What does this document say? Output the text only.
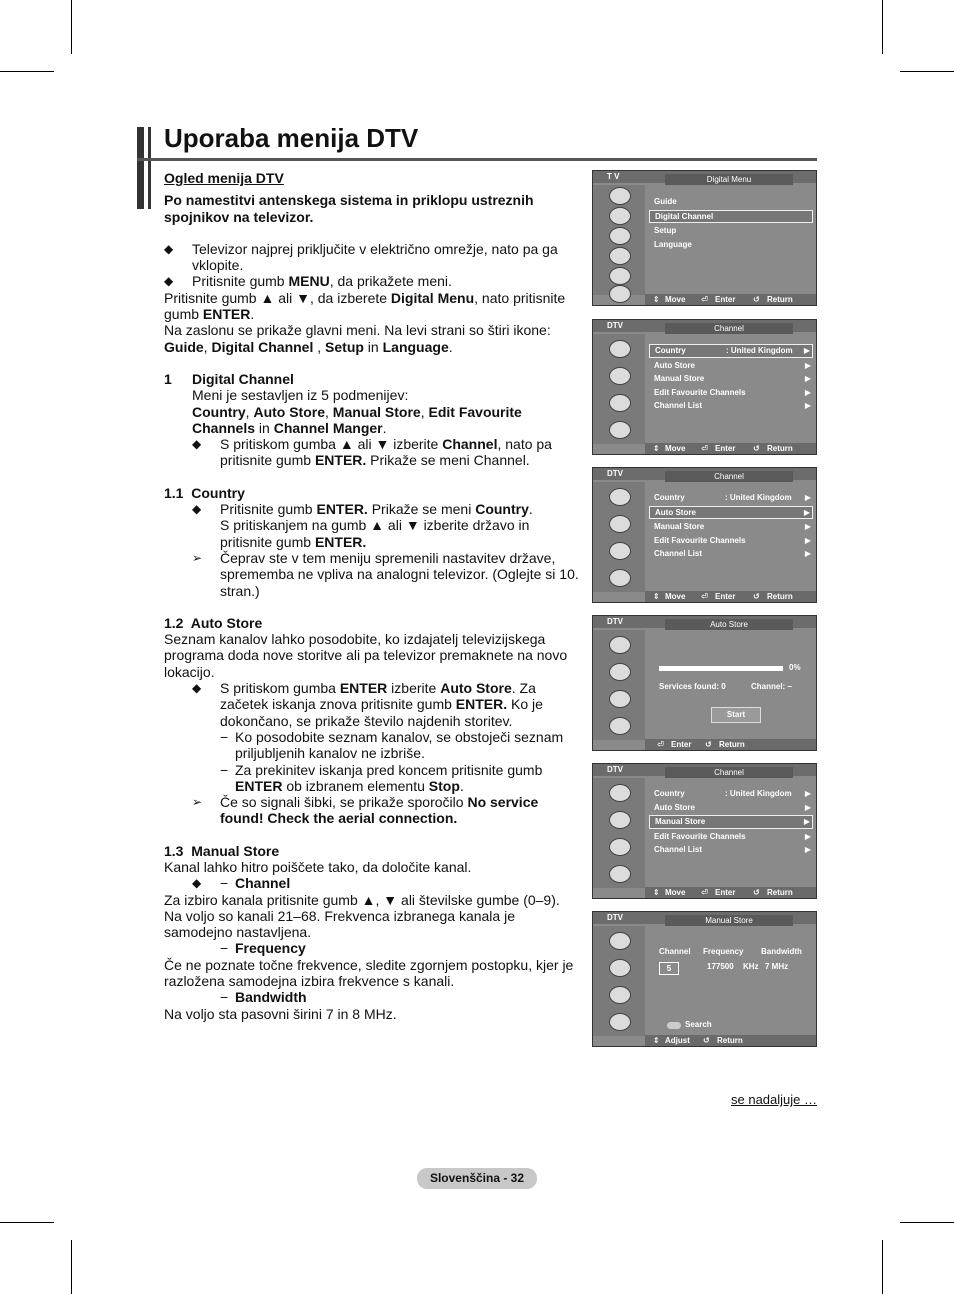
Uporaba menija DTV

Ogled menija DTV

Po namestitvi antenskega sistema in priklopu ustreznih spojnikov na televizor.

◆	Televizor najprej priključite v električno omrežje, nato pa ga vklopite.
◆	Pritisnite gumb MENU, da prikažete meni.

Pritisnite gumb ▲ ali ▼, da izberete Digital Menu, nato pritisnite gumb ENTER.
Na zaslonu se prikaže glavni meni. Na levi strani so štiri ikone: Guide, Digital Channel , Setup in Language.

1	Digital Channel
Meni je sestavljen iz 5 podmenijev:
Country, Auto Store, Manual Store, Edit Favourite Channels in Channel Manger.
◆	S pritiskom gumba ▲ ali ▼ izberite Channel, nato pa pritisnite gumb ENTER. Prikaže se meni Channel.

1.1  Country

◆	Pritisnite gumb ENTER. Prikaže se meni Country.
S pritiskanjem na gumb ▲ ali ▼ izberite državo in pritisnite gumb ENTER.
➢	Čeprav ste v tem meniju spremenili nastavitev države, sprememba ne vpliva na analogni televizor. (Oglejte si 10. stran.)

1.2  Auto Store

Seznam kanalov lahko posodobite, ko izdajatelj televizijskega programa doda nove storitve ali pa televizor premaknete na novo lokacijo.

◆	S pritiskom gumba ENTER izberite Auto Store. Za začetek iskanja znova pritisnite gumb ENTER. Ko je dokončano, se prikaže število najdenih storitev.
− Ko posodobite seznam kanalov, se obstoječi seznam priljubljenih kanalov ne izbriše.
− Za prekinitev iskanja pred koncem pritisnite gumb ENTER ob izbranem elementu Stop.
➢	Če so signali šibki, se prikaže sporočilo No service found! Check the aerial connection.

1.3  Manual Store

Kanal lahko hitro poiščete tako, da določite kanal.

◆	− Channel

Za izbiro kanala pritisnite gumb ▲, ▼ ali številske gumbe (0–9).
Na voljo so kanali 21–68. Frekvenca izbranega kanala je samodejno nastavljena.

− Frequency

Če ne poznate točne frekvence, sledite zgornjem postopku, kjer je razložena samodejna izbira frekvence s kanali.

− Bandwidth

Na voljo sta pasovni širini 7 in 8 MHz.

se nadaljuje …
Slovenščina - 32
T V	Digital Menu
Guide
Digital Channel
Setup
Language
⇕ Move ⏎ Enter ↺ Return
DTV	Channel
Country	: United Kingdom ▶
Auto Store	▶
Manual Store	▶
Edit Favourite Channels	▶
Channel List	▶
⇕ Move ⏎ Enter ↺ Return
DTV	Channel
Country	: United Kingdom ▶
Auto Store	▶
Manual Store	▶
Edit Favourite Channels	▶
Channel List	▶
⇕ Move ⏎ Enter ↺ Return
DTV	Channel
Country	: United Kingdom ▶
Auto Store	▶
Manual Store	▶
Edit Favourite Channels	▶
Channel List	▶
⇕ Move ⏎ Enter ↺ Return
DTV	Auto Store
0%
Services found: 0	Channel: –
Start
⏎ Enter ↺ Return
DTV	Manual Store
Channel Frequency Bandwidth
5	177500 KHz 7 MHz
Search
⇕ Adjust ↺ Return
